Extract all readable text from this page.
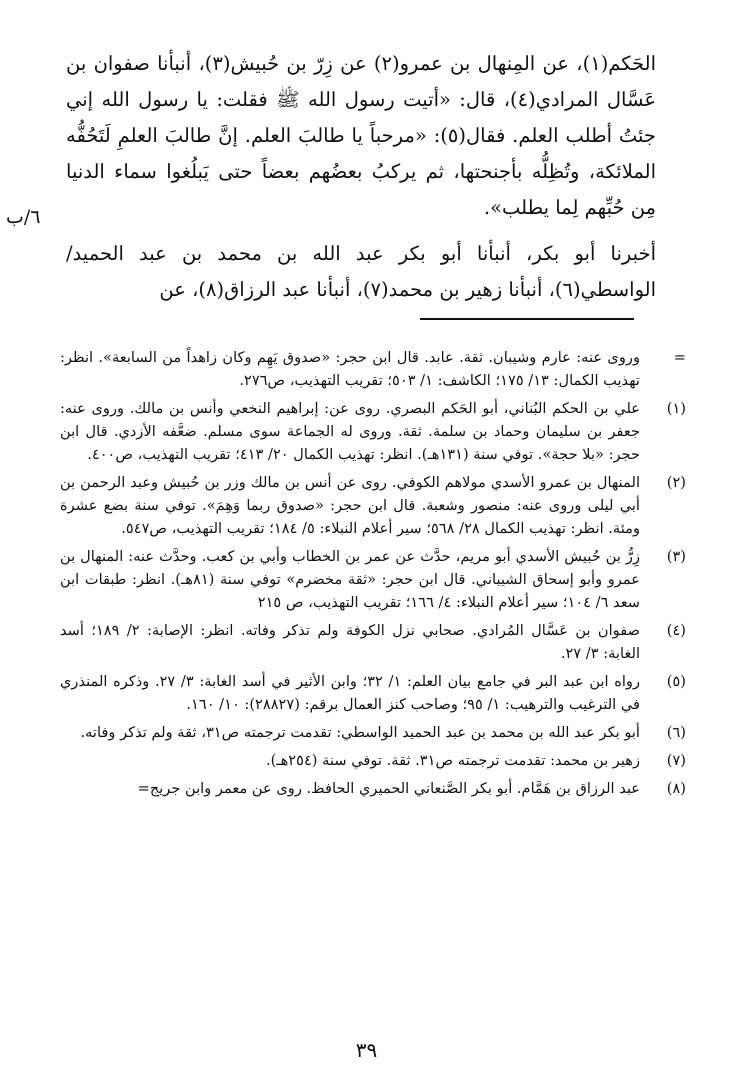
الحَكم(١)، عن المِنهال بن عمرو(٢) عن زِرّ بن حُبيش(٣)، أنبأنا صفوان بن عَسَّال المرادي(٤)، قال: «أتيت رسول الله ﷺ فقلت: يا رسول الله إني جئتُ أطلب العلم. فقال(٥): «مرحباً يا طالبَ العلم. إنَّ طالبَ العلمِ لَتَحُفُّه الملائكة، وتُظِلُّه بأجنحتها، ثم يركبُ بعضُهم بعضاً حتى يَبلُغوا سماء الدنيا مِن حُبِّهم لِما يطلب».

أخبرنا أبو بكر، أنبأنا أبو بكر عبد الله بن محمد بن عبد الحميد/ الواسطي(٦)، أنبأنا زهير بن محمد(٧)، أنبأنا عبد الرزاق(٨)، عن

٦/ب
=
وروى عنه: عارم وشيبان. ثقة. عابد. قال ابن حجر: «صدوق يَهِم وكان زاهداً من السابعة». انظر: تهذيب الكمال: ١٣/ ١٧٥؛ الكاشف: ١/ ٥٠٣؛ تقريب التهذيب، ص٢٧٦.
(١)
علي بن الحكم البُناني، أبو الحَكم البصري. روى عن: إبراهيم النخعي وأنس بن مالك. وروى عنه: جعفر بن سليمان وحماد بن سلمة. ثقة. وروى له الجماعة سوى مسلم. ضعَّفه الأزدي. قال ابن حجر: «بلا حجة». توفي سنة (١٣١هـ). انظر: تهذيب الكمال ٢٠/ ٤١٣؛ تقريب التهذيب، ص٤٠٠.
(٢)
المنهال بن عمرو الأسدي مولاهم الكوفي. روى عن أنس بن مالك وزر بن حُبيش وعبد الرحمن بن أبي ليلى وروى عنه: منصور وشعبة. قال ابن حجر: «صدوق ربما وَهِمَ». توفي سنة بضع عشرة ومئة. انظر: تهذيب الكمال ٢٨/ ٥٦٨؛ سير أعلام النبلاء: ٥/ ١٨٤؛ تقريب التهذيب، ص٥٤٧.
(٣)
زِرُّ بن حُبيش الأسدي أبو مريم، حدَّث عن عمر بن الخطاب وأبي بن كعب. وحدَّث عنه: المنهال بن عمرو وأبو إسحاق الشيباني. قال ابن حجر: «ثقة مخضرم» توفي سنة (٨١هـ). انظر: طبقات ابن سعد ٦/ ١٠٤؛ سير أعلام النبلاء: ٤/ ١٦٦؛ تقريب التهذيب، ص ٢١٥
(٤)
صفوان بن عَسَّال المُرادي. صحابي نزل الكوفة ولم تذكر وفاته. انظر: الإصابة: ٢/ ١٨٩؛ أسد الغابة: ٣/ ٢٧.
(٥)
رواه ابن عبد البر في جامع بيان العلم: ١/ ٣٢؛ وابن الأثير في أسد الغابة: ٣/ ٢٧. وذكره المنذري في الترغيب والترهيب: ١/ ٩٥؛ وصاحب كنز العمال برقم: (٢٨٨٢٧): ١٠/ ١٦٠.
(٦)
أبو بكر عبد الله بن محمد بن عبد الحميد الواسطي: تقدمت ترجمته ص٣١، ثقة ولم تذكر وفاته.
(٧)
زهير بن محمد: تقدمت ترجمته ص٣١. ثقة. توفي سنة (٢٥٤هـ).
(٨)
عبد الرزاق بن هَمَّام. أبو بكر الصَّنعاني الحميري الحافظ. روى عن معمر وابن جريج=
٣٩
